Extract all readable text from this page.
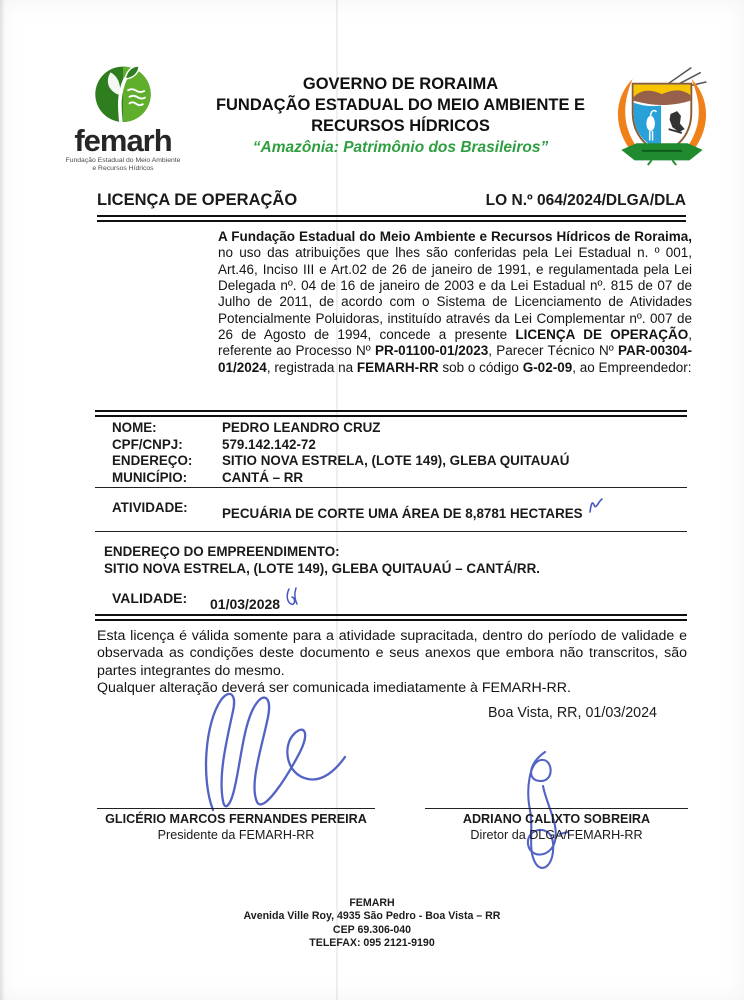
femarh
Fundação Estadual do Meio Ambiente
e Recursos Hídricos
GOVERNO DE RORAIMA
FUNDAÇÃO ESTADUAL DO MEIO AMBIENTE E
RECURSOS HÍDRICOS
“Amazônia: Patrimônio dos Brasileiros”
LICENÇA DE OPERAÇÃO	LO N.º 064/2024/DLGA/DLA
A Fundação Estadual do Meio Ambiente e Recursos Hídricos de Roraima, no uso das atribuições que lhes são conferidas pela Lei Estadual n. º 001, Art.46, Inciso III e Art.02 de 26 de janeiro de 1991, e regulamentada pela Lei Delegada nº. 04 de 16 de janeiro de 2003 e da Lei Estadual nº. 815 de 07 de Julho de 2011, de acordo com o Sistema de Licenciamento de Atividades Potencialmente Poluidoras, instituído através da Lei Complementar nº. 007 de 26 de Agosto de 1994, concede a presente LICENÇA DE OPERAÇÃO, referente ao Processo Nº PR-01100-01/2023, Parecer Técnico Nº PAR-00304-01/2024, registrada na FEMARH-RR sob o código G-02-09, ao Empreendedor:
NOME:	PEDRO LEANDRO CRUZ
CPF/CNPJ:	579.142.142-72
ENDEREÇO:	SITIO NOVA ESTRELA, (LOTE 149), GLEBA QUITAUAÚ
MUNICÍPIO:	CANTÁ – RR
ATIVIDADE:	PECUÁRIA DE CORTE UMA ÁREA DE 8,8781 HECTARES
ENDEREÇO DO EMPREENDIMENTO:
SITIO NOVA ESTRELA, (LOTE 149), GLEBA QUITAUAÚ – CANTÁ/RR.
VALIDADE:	01/03/2028
Esta licença é válida somente para a atividade supracitada, dentro do período de validade e observada as condições deste documento e seus anexos que embora não transcritos, são partes integrantes do mesmo.
Qualquer alteração deverá ser comunicada imediatamente à FEMARH-RR.
Boa Vista, RR, 01/03/2024
GLICÉRIO MARCOS FERNANDES PEREIRA
Presidente da FEMARH-RR
ADRIANO CALIXTO SOBREIRA
Diretor da DLGA/FEMARH-RR
FEMARH
Avenida Ville Roy, 4935 São Pedro - Boa Vista – RR
CEP 69.306-040
TELEFAX: 095 2121-9190
